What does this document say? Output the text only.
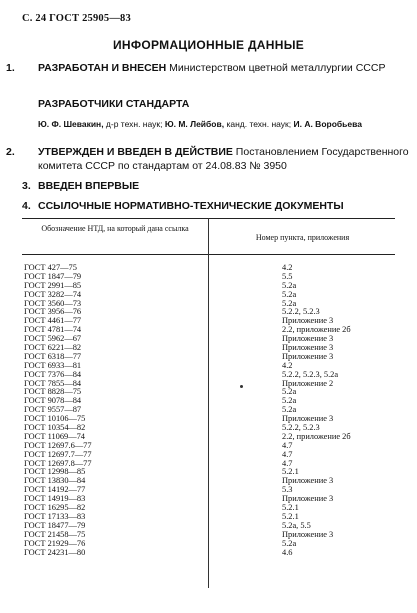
С. 24 ГОСТ 25905—83
ИНФОРМАЦИОННЫЕ ДАННЫЕ
1. РАЗРАБОТАН И ВНЕСЕН Министерством цветной металлургии СССР
РАЗРАБОТЧИКИ СТАНДАРТА
Ю. Ф. Шевакин, д-р техн. наук; Ю. М. Лейбов, канд. техн. наук; И. А. Воробьева
2. УТВЕРЖДЕН И ВВЕДЕН В ДЕЙСТВИЕ Постановлением Государственного комитета СССР по стандартам от 24.08.83 № 3950
3. ВВЕДЕН ВПЕРВЫЕ
4. ССЫЛОЧНЫЕ НОРМАТИВНО-ТЕХНИЧЕСКИЕ ДОКУМЕНТЫ
Обозначение НТД, на который дана ссылка
Номер пункта, приложения
ГОСТ 427—75	4.2
ГОСТ 1847—79	5.5
ГОСТ 2991—85	5.2а
ГОСТ 3282—74	5.2а
ГОСТ 3560—73	5.2а
ГОСТ 3956—76	5.2.2, 5.2.3
ГОСТ 4461—77	Приложение 3
ГОСТ 4781—74	2.2, приложение 2б
ГОСТ 5962—67	Приложение 3
ГОСТ 6221—82	Приложение 3
ГОСТ 6318—77	Приложение 3
ГОСТ 6933—81	4.2
ГОСТ 7376—84	5.2.2, 5.2.3, 5.2а
ГОСТ 7855—84	Приложение 2
ГОСТ 8828—75	5.2а
ГОСТ 9078—84	5.2а
ГОСТ 9557—87	5.2а
ГОСТ 10106—75	Приложение 3
ГОСТ 10354—82	5.2.2, 5.2.3
ГОСТ 11069—74	2.2, приложение 2б
ГОСТ 12697.6—77	4.7
ГОСТ 12697.7—77	4.7
ГОСТ 12697.8—77	4.7
ГОСТ 12998—85	5.2.1
ГОСТ 13830—84	Приложение 3
ГОСТ 14192—77	5.3
ГОСТ 14919—83	Приложение 3
ГОСТ 16295—82	5.2.1
ГОСТ 17133—83	5.2.1
ГОСТ 18477—79	5.2а, 5.5
ГОСТ 21458—75	Приложение 3
ГОСТ 21929—76	5.2а
ГОСТ 24231—80	4.6
